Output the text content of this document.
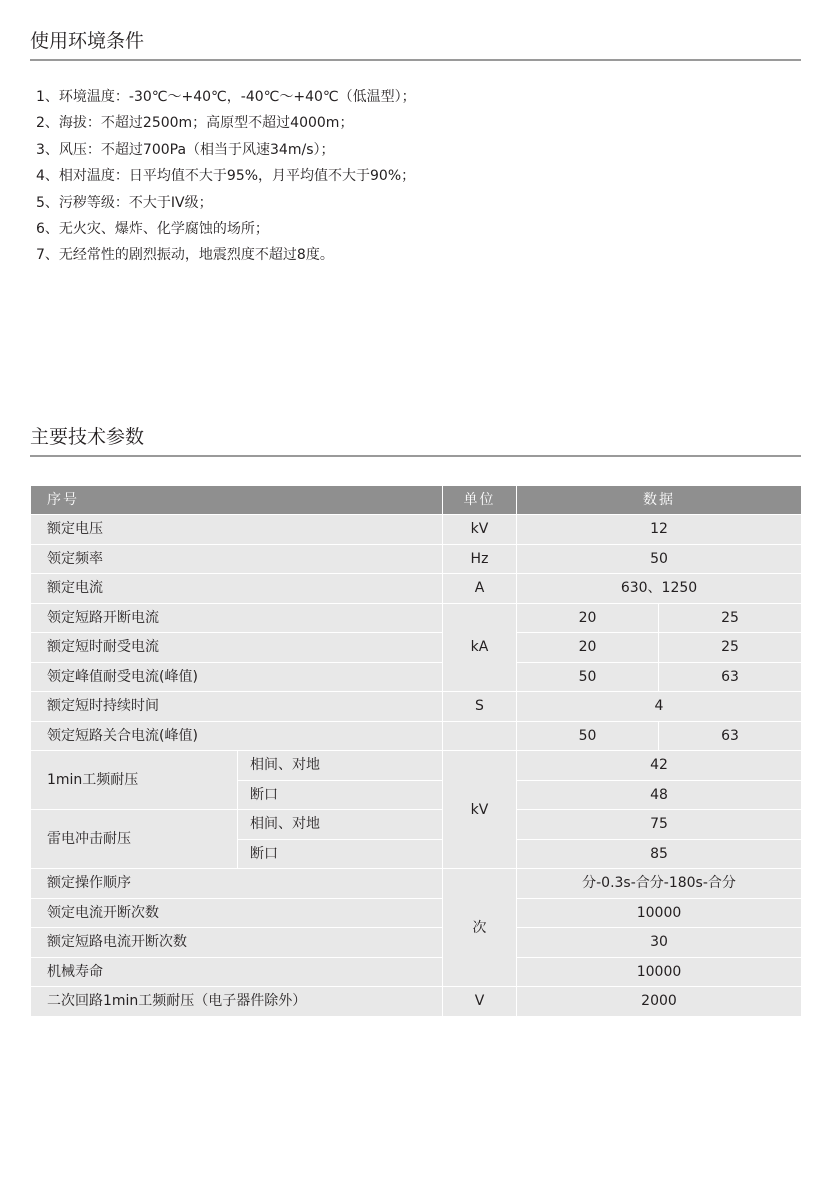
使用环境条件
1、环境温度：-30℃～+40℃，-40℃～+40℃（低温型）；
2、海拔：不超过2500m；高原型不超过4000m；
3、风压：不超过700Pa（相当于风速34m/s）；
4、相对温度：日平均值不大于95%，月平均值不大于90%；
5、污秽等级：不大于IV级；
6、无火灾、爆炸、化学腐蚀的场所；
7、无经常性的剧烈振动，地震烈度不超过8度。
主要技术参数
序号		单位	数据	
额定电压		kV	12	
领定频率		Hz	50	
额定电流		A	630、1250	
领定短路开断电流		kA	20	25
额定短时耐受电流			20	25
领定峰值耐受电流(峰值)			50	63
额定短时持续时间		S	4	
领定短路关合电流(峰值)			50	63
1min工频耐压	相间、对地	kV	42	
	断口		48	
雷电冲击耐压	相间、对地		75	
	断口		85	
额定操作顺序		次	分-0.3s-合分-180s-合分	
领定电流开断次数			10000	
额定短路电流开断次数			30	
机械寿命			10000	
二次回路1min工频耐压（电子器件除外）		V	2000	
